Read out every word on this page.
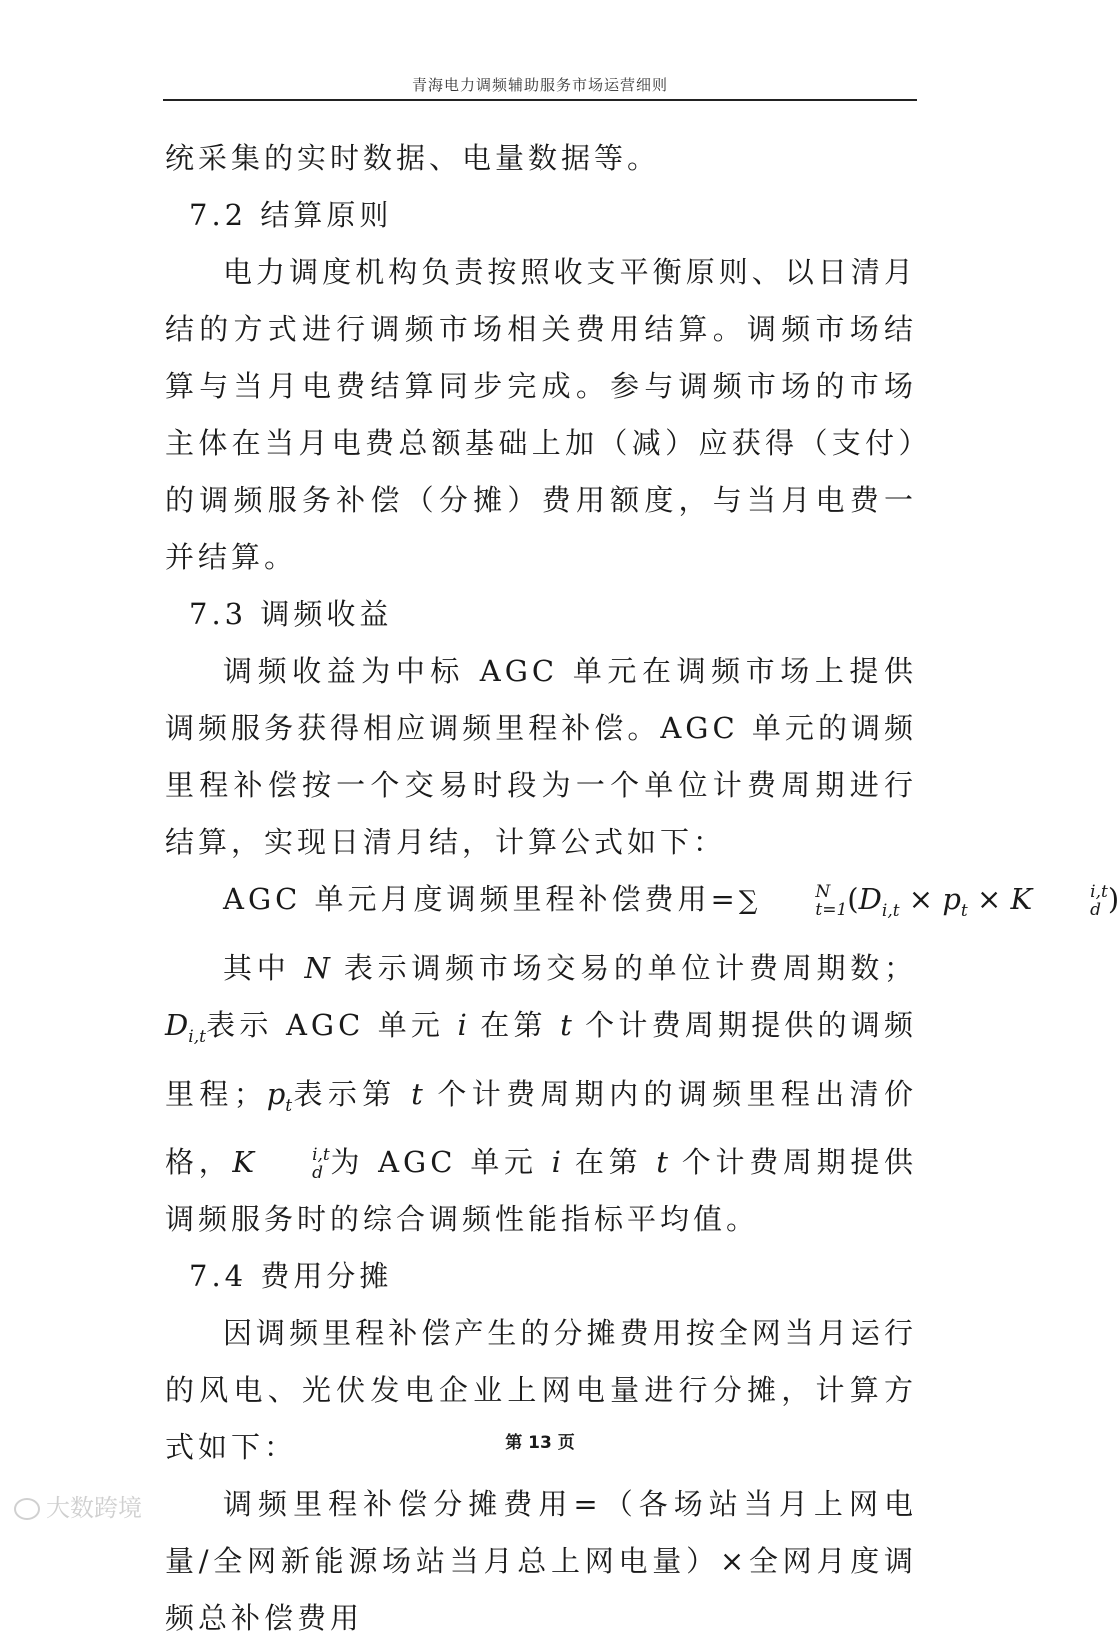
青海电力调频辅助服务市场运营细则

统采集的实时数据、电量数据等。

7.2 结算原则

电力调度机构负责按照收支平衡原则、以日清月结的方式进行调频市场相关费用结算。调频市场结算与当月电费结算同步完成。参与调频市场的市场主体在当月电费总额基础上加（减）应获得（支付）的调频服务补偿（分摊）费用额度，与当月电费一并结算。

7.3 调频收益

调频收益为中标 AGC 单元在调频市场上提供调频服务获得相应调频里程补偿。AGC 单元的调频里程补偿按一个交易时段为一个单位计费周期进行结算，实现日清月结，计算公式如下：

AGC 单元月度调频里程补偿费用=∑	N
t=1 ($D_{i,t} \times p_t \times K$	i,t
d )

其中 N 表示调频市场交易的单位计费周期数；$D_{i,t}$表示 AGC 单元 i 在第 t 个计费周期提供的调频里程；$p_t$表示第 t 个计费周期内的调频里程出清价格，K	i,t
d 为 AGC 单元 i 在第 t 个计费周期提供调频服务时的综合调频性能指标平均值。

7.4 费用分摊

因调频里程补偿产生的分摊费用按全网当月运行的风电、光伏发电企业上网电量进行分摊，计算方式如下：

调频里程补偿分摊费用=（各场站当月上网电量/全网新能源场站当月总上网电量）×全网月度调频总补偿费用

第 13 页
大数跨境
